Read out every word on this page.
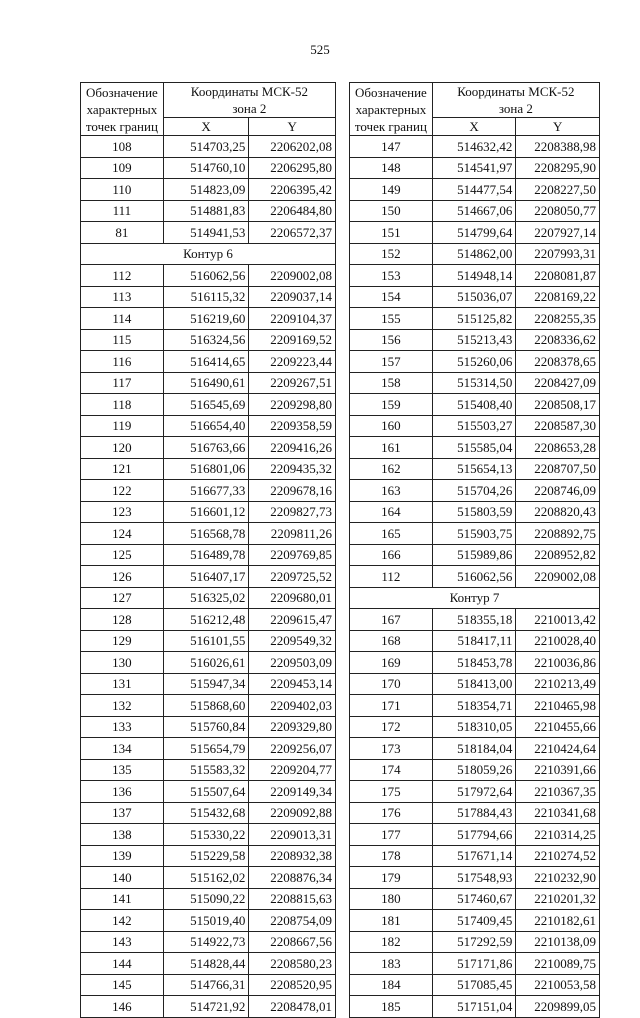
525
Обозначение
характерных
точек границ	Координаты МСК-52
зона 2	
	X	Y
108	514703,25	2206202,08
109	514760,10	2206295,80
110	514823,09	2206395,42
111	514881,83	2206484,80
81	514941,53	2206572,37
Контур 6		
112	516062,56	2209002,08
113	516115,32	2209037,14
114	516219,60	2209104,37
115	516324,56	2209169,52
116	516414,65	2209223,44
117	516490,61	2209267,51
118	516545,69	2209298,80
119	516654,40	2209358,59
120	516763,66	2209416,26
121	516801,06	2209435,32
122	516677,33	2209678,16
123	516601,12	2209827,73
124	516568,78	2209811,26
125	516489,78	2209769,85
126	516407,17	2209725,52
127	516325,02	2209680,01
128	516212,48	2209615,47
129	516101,55	2209549,32
130	516026,61	2209503,09
131	515947,34	2209453,14
132	515868,60	2209402,03
133	515760,84	2209329,80
134	515654,79	2209256,07
135	515583,32	2209204,77
136	515507,64	2209149,34
137	515432,68	2209092,88
138	515330,22	2209013,31
139	515229,58	2208932,38
140	515162,02	2208876,34
141	515090,22	2208815,63
142	515019,40	2208754,09
143	514922,73	2208667,56
144	514828,44	2208580,23
145	514766,31	2208520,95
146	514721,92	2208478,01
Обозначение
характерных
точек границ	Координаты МСК-52
зона 2	
	X	Y
147	514632,42	2208388,98
148	514541,97	2208295,90
149	514477,54	2208227,50
150	514667,06	2208050,77
151	514799,64	2207927,14
152	514862,00	2207993,31
153	514948,14	2208081,87
154	515036,07	2208169,22
155	515125,82	2208255,35
156	515213,43	2208336,62
157	515260,06	2208378,65
158	515314,50	2208427,09
159	515408,40	2208508,17
160	515503,27	2208587,30
161	515585,04	2208653,28
162	515654,13	2208707,50
163	515704,26	2208746,09
164	515803,59	2208820,43
165	515903,75	2208892,75
166	515989,86	2208952,82
112	516062,56	2209002,08
Контур 7		
167	518355,18	2210013,42
168	518417,11	2210028,40
169	518453,78	2210036,86
170	518413,00	2210213,49
171	518354,71	2210465,98
172	518310,05	2210455,66
173	518184,04	2210424,64
174	518059,26	2210391,66
175	517972,64	2210367,35
176	517884,43	2210341,68
177	517794,66	2210314,25
178	517671,14	2210274,52
179	517548,93	2210232,90
180	517460,67	2210201,32
181	517409,45	2210182,61
182	517292,59	2210138,09
183	517171,86	2210089,75
184	517085,45	2210053,58
185	517151,04	2209899,05
